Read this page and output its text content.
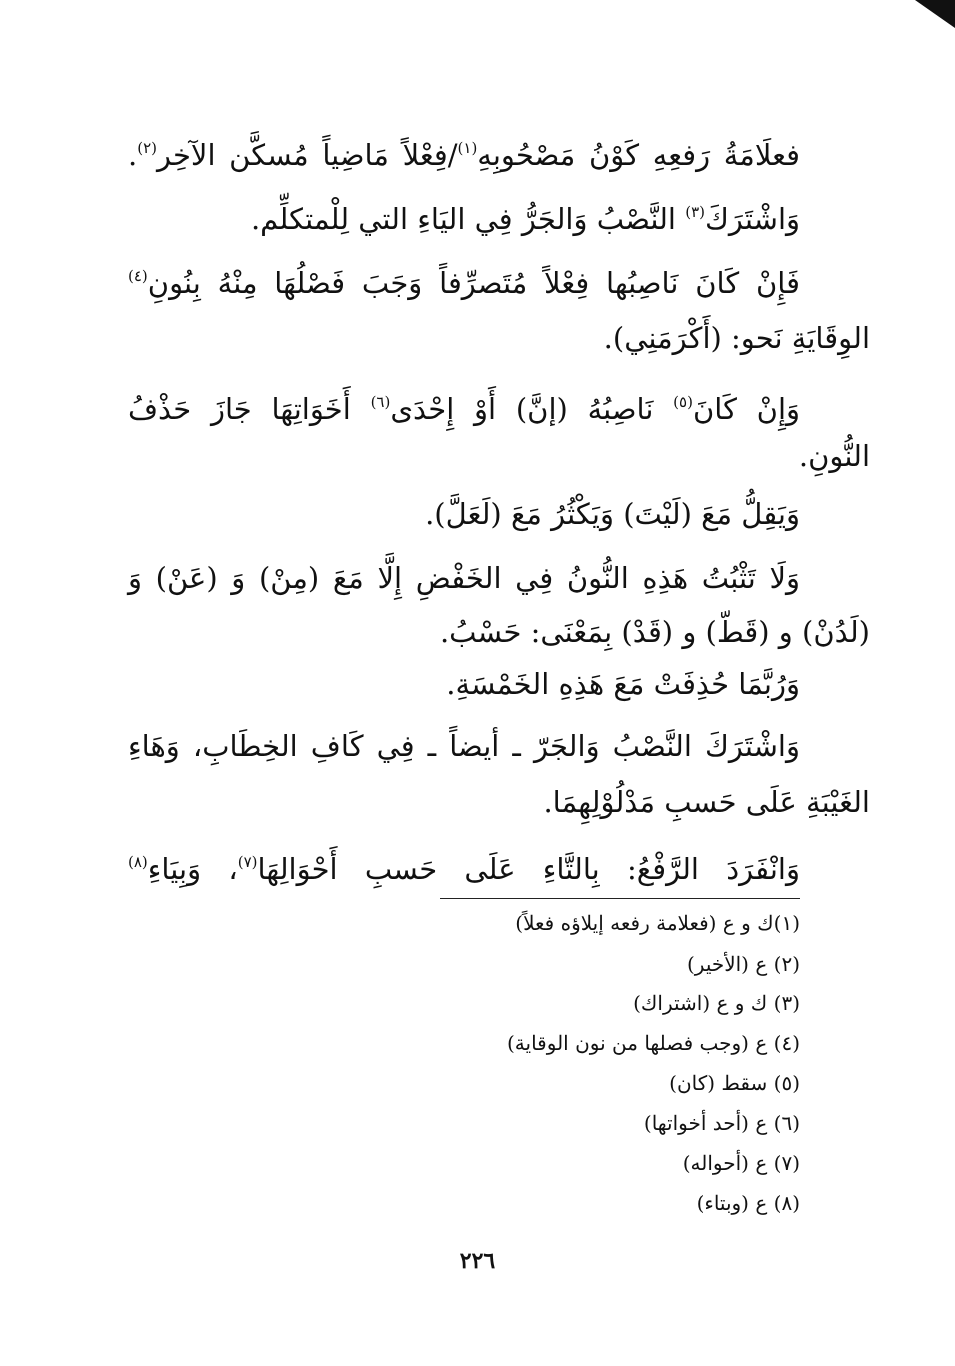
فعلَامَةُ رَفعِهِ كَوْنُ مَصْحُوبِهِ$^{(١)}$/فِعْلاً مَاضِياً مُسكَّن الآخِر$^{(٢)}$.
وَاشْتَرَكَ$^{(٣)}$ النَّصْبُ وَالجَرُّ فِي اليَاءِ التي لِلْمتكلِّم.
فَإِنْ كَانَ نَاصِبُها فِعْلاً مُتَصرِّفاً وَجَبَ فَصْلُهَا مِنْهُ بِنُونِ$^{(٤)}$
الوِقَايَةِ نَحو: (أَكْرَمَنِي).
وَإِنْ كَانَ$^{(٥)}$ نَاصِبُهُ (إنَّ) أَوْ إِحْدَى$^{(٦)}$ أَخَوَاتِهَا جَازَ حَذْفُ
النُّونِ.
وَيَقِلُّ مَعَ (لَيْتَ) وَيَكْثُرُ مَعَ (لَعَلَّ).
وَلَا تَثْبُتُ هَذِهِ النُّونُ فِي الخَفْضِ إِلَّا مَعَ (مِنْ) وَ (عَنْ) وَ
(لَدُنْ) و (قَطّ) و (قَدْ) بِمَعْنَى: حَسْبُ.
وَرُبَّمَا حُذِفَتْ مَعَ هَذِهِ الخَمْسَةِ.
وَاشْتَرَكَ النَّصْبُ وَالجَرّ ـ أيضاً ـ فِي كَافِ الخِطَابِ، وَهَاءِ
الغَيْبَةِ عَلَى حَسبِ مَدْلُوْلِهِمَا.
وَانْفَرَدَ الرَّفْعُ: بِالتَّاءِ عَلَى حَسبِ أَحْوَالِهَا$^{(٧)}$، وَبِيَاءِ$^{(٨)}$
(١)ك و ع (فعلامة رفعه إيلاؤه فعلاً)
(٢) ع (الأخير)
(٣) ك و ع (اشتراك)
(٤) ع (وجب فصلها من نون الوقاية)
(٥) سقط (كان)
(٦) ع (أحد أخواتها)
(٧) ع (أحواله)
(٨) ع (وبتاء)
٢٢٦
